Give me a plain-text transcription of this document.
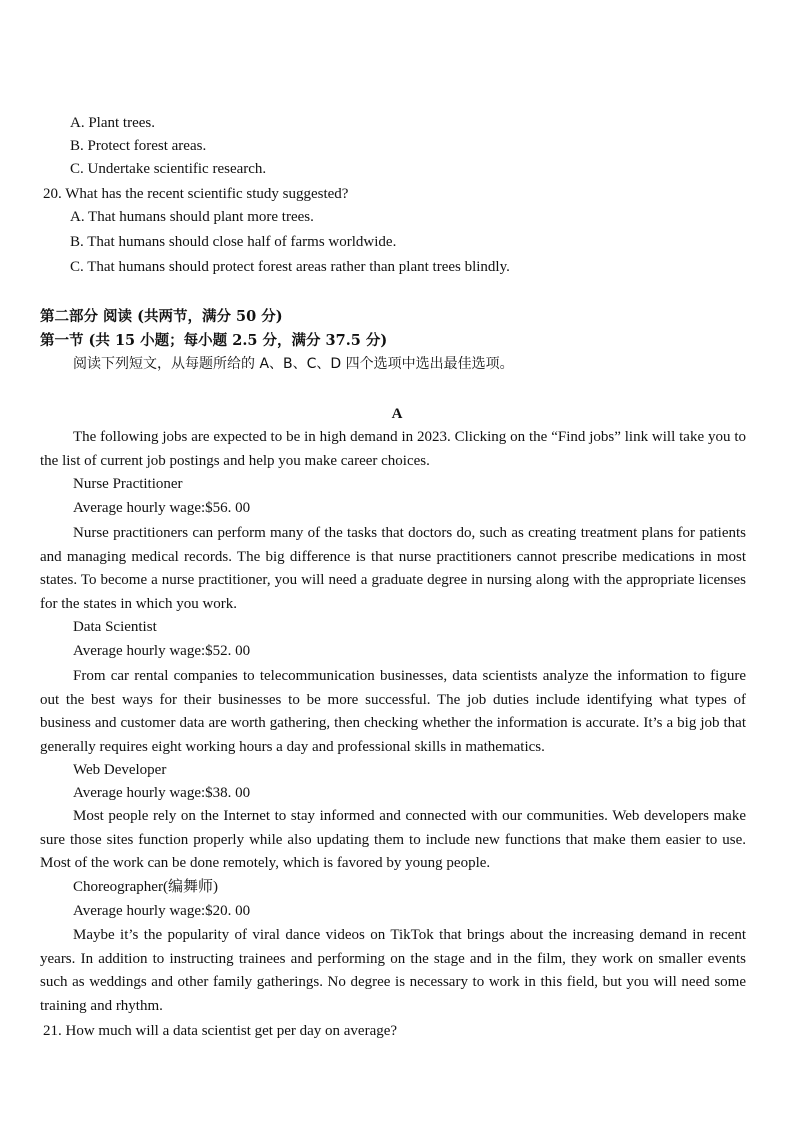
A. Plant trees.
B. Protect forest areas.
C. Undertake scientific research.
20. What has the recent scientific study suggested?
A. That humans should plant more trees.
B. That humans should close half of farms worldwide.
C. That humans should protect forest areas rather than plant trees blindly.
第二部分 阅读 (共两节，满分 50 分)
第一节 (共 15 小题；每小题 2.5 分，满分 37.5 分)
阅读下列短文，从每题所给的 A、B、C、D 四个选项中选出最佳选项。
A
The following jobs are expected to be in high demand in 2023. Clicking on the “Find jobs” link will take you to the list of current job postings and help you make career choices.
Nurse Practitioner
Average hourly wage:$56. 00
Nurse practitioners can perform many of the tasks that doctors do, such as creating treatment plans for patients and managing medical records. The big difference is that nurse practitioners cannot prescribe medications in most states. To become a nurse practitioner, you will need a graduate degree in nursing along with the appropriate licenses for the states in which you work.
Data Scientist
Average hourly wage:$52. 00
From car rental companies to telecommunication businesses, data scientists analyze the information to figure out the best ways for their businesses to be more successful. The job duties include identifying what types of business and customer data are worth gathering, then checking whether the information is accurate. It’s a big job that generally requires eight working hours a day and professional skills in mathematics.
Web Developer
Average hourly wage:$38. 00
Most people rely on the Internet to stay informed and connected with our communities. Web developers make sure those sites function properly while also updating them to include new functions that make them easier to use. Most of the work can be done remotely, which is favored by young people.
Choreographer(编舞师)
Average hourly wage:$20. 00
Maybe it’s the popularity of viral dance videos on TikTok that brings about the increasing demand in recent years. In addition to instructing trainees and performing on the stage and in the film, they work on smaller events such as weddings and other family gatherings. No degree is necessary to work in this field, but you will need some training and rhythm.
21. How much will a data scientist get per day on average?
